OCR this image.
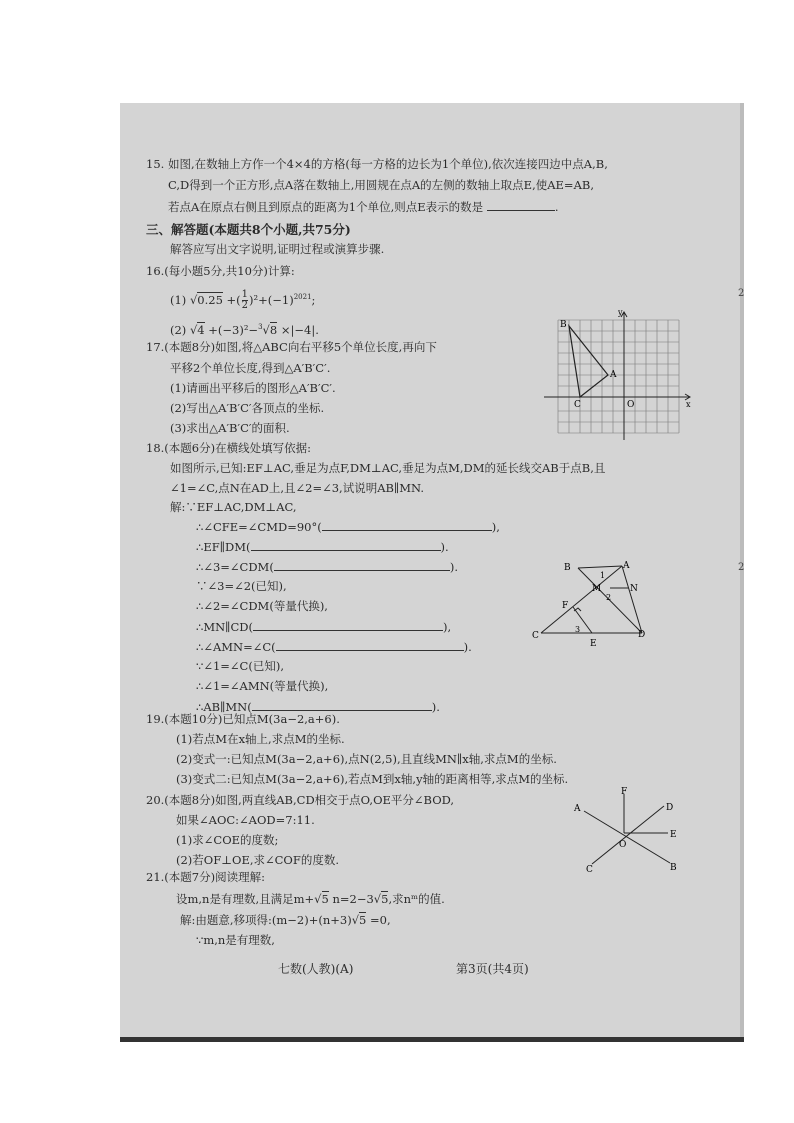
2
2
15. 如图,在数轴上方作一个4×4的方格(每一方格的边长为1个单位),依次连接四边中点A,B,
C,D得到一个正方形,点A落在数轴上,用圆规在点A的左侧的数轴上取点E,使AE=AB,
若点A在原点右侧且到原点的距离为1个单位,则点E表示的数是	.
三、解答题(本题共8个小题,共75分)
解答应写出文字说明,证明过程或演算步骤.
16.(每小题5分,共10分)计算:
(1) √0.25 +( $\frac{1}{2} )^2+(-1)^{2021}$;
(2) √4 +(−3)²−$^3$√8 ×|−4|.
17.(本题8分)如图,将△ABC向右平移5个单位长度,再向下
平移2个单位长度,得到△A′B′C′.
(1)请画出平移后的图形△A′B′C′.
(2)写出△A′B′C′各顶点的坐标.
(3)求出△A′B′C′的面积.
B
A
C	O	x
y
18.(本题6分)在横线处填写依据:
如图所示,已知:EF⊥AC,垂足为点F,DM⊥AC,垂足为点M,DM的延长线交AB于点B,且
∠1=∠C,点N在AD上,且∠2=∠3,试说明AB∥MN.
解:∵EF⊥AC,DM⊥AC,
∴∠CFE=∠CMD=90°(	),
∴EF∥DM(	).
∴∠3=∠CDM(	).
∵∠3=∠2(已知),
∴∠2=∠CDM(等量代换),
∴MN∥CD(	),
∴∠AMN=∠C(	).
∵∠1=∠C(已知),
∴∠1=∠AMN(等量代换),
∴AB∥MN(	).
B	A
M	N
1
2
F
3
C
E
D
19.(本题10分)已知点M(3a−2,a+6).
(1)若点M在x轴上,求点M的坐标.
(2)变式一:已知点M(3a−2,a+6),点N(2,5),且直线MN∥x轴,求点M的坐标.
(3)变式二:已知点M(3a−2,a+6),若点M到x轴,y轴的距离相等,求点M的坐标.
20.(本题8分)如图,两直线AB,CD相交于点O,OE平分∠BOD,
如果∠AOC:∠AOD=7:11.
(1)求∠COE的度数;
(2)若OF⊥OE,求∠COF的度数.
A
F
D
E
O
C	B
21.(本题7分)阅读理解:
设m,n是有理数,且满足m+√5 n=2−3√5,求nᵐ的值.
解:由题意,移项得:(m−2)+(n+3)√5 =0,
∵m,n是有理数,
七数(人教)(A)	第3页(共4页)
